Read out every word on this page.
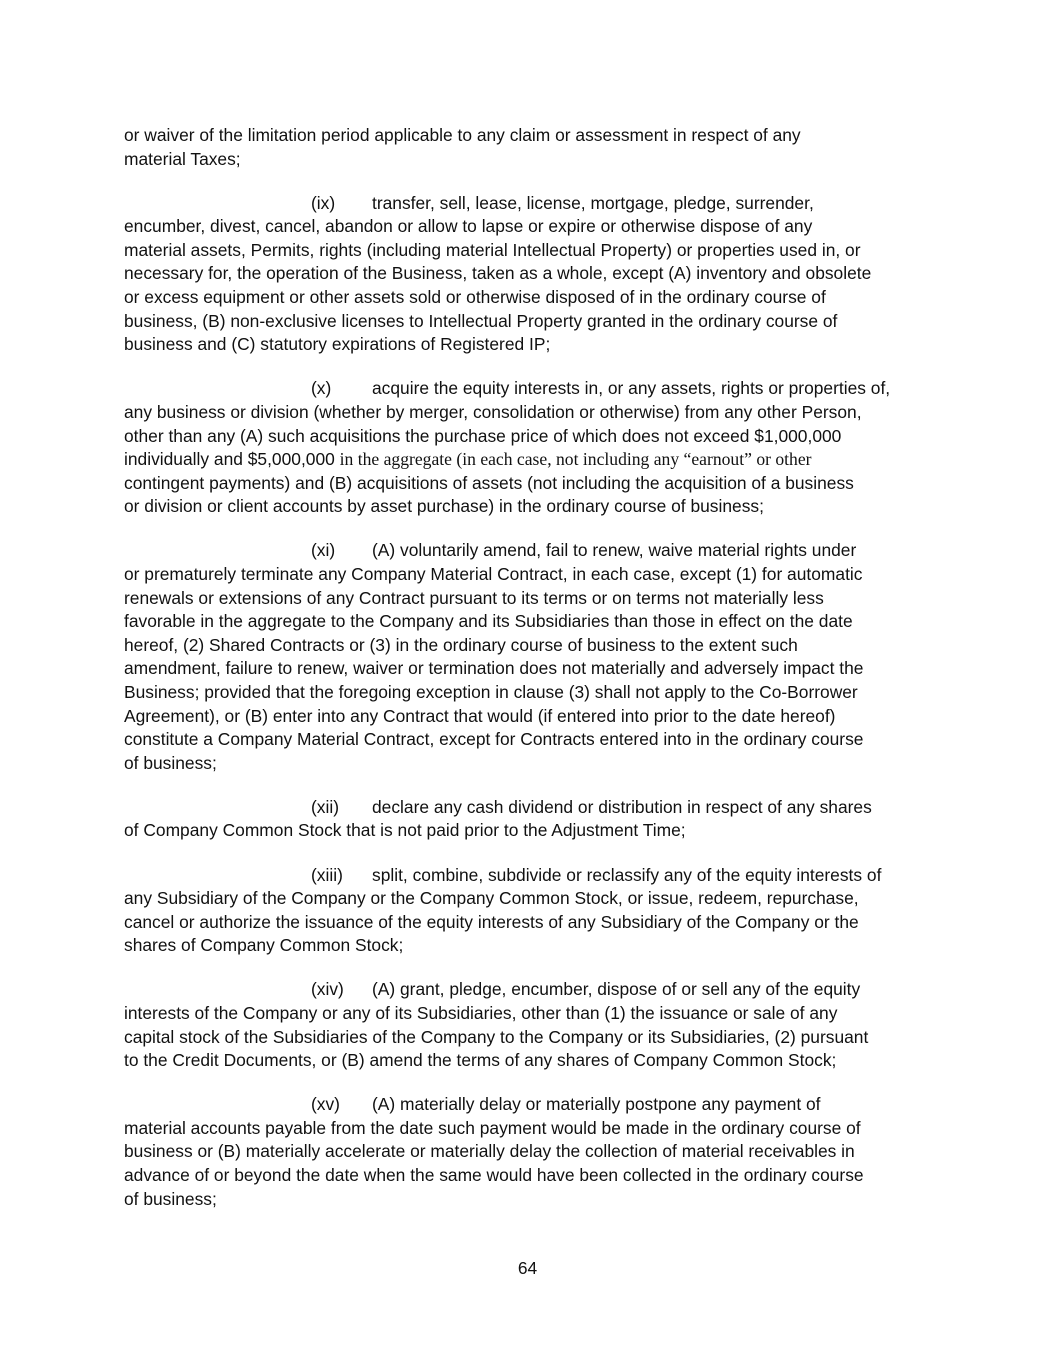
or waiver of the limitation period applicable to any claim or assessment in respect of any
material Taxes;

(ix) transfer, sell, lease, license, mortgage, pledge, surrender,
encumber, divest, cancel, abandon or allow to lapse or expire or otherwise dispose of any
material assets, Permits, rights (including material Intellectual Property) or properties used in, or
necessary for, the operation of the Business, taken as a whole, except (A) inventory and obsolete
or excess equipment or other assets sold or otherwise disposed of in the ordinary course of
business, (B) non-exclusive licenses to Intellectual Property granted in the ordinary course of
business and (C) statutory expirations of Registered IP;

(x) acquire the equity interests in, or any assets, rights or properties of,
any business or division (whether by merger, consolidation or otherwise) from any other Person,
other than any (A) such acquisitions the purchase price of which does not exceed $1,000,000
individually and $5,000,000 in the aggregate (in each case, not including any “earnout” or other
contingent payments) and (B) acquisitions of assets (not including the acquisition of a business
or division or client accounts by asset purchase) in the ordinary course of business;

(xi) (A) voluntarily amend, fail to renew, waive material rights under
or prematurely terminate any Company Material Contract, in each case, except (1) for automatic
renewals or extensions of any Contract pursuant to its terms or on terms not materially less
favorable in the aggregate to the Company and its Subsidiaries than those in effect on the date
hereof, (2) Shared Contracts or (3) in the ordinary course of business to the extent such
amendment, failure to renew, waiver or termination does not materially and adversely impact the
Business; provided that the foregoing exception in clause (3) shall not apply to the Co-Borrower
Agreement), or (B) enter into any Contract that would (if entered into prior to the date hereof)
constitute a Company Material Contract, except for Contracts entered into in the ordinary course
of business;

(xii) declare any cash dividend or distribution in respect of any shares
of Company Common Stock that is not paid prior to the Adjustment Time;

(xiii) split, combine, subdivide or reclassify any of the equity interests of
any Subsidiary of the Company or the Company Common Stock, or issue, redeem, repurchase,
cancel or authorize the issuance of the equity interests of any Subsidiary of the Company or the
shares of Company Common Stock;

(xiv) (A) grant, pledge, encumber, dispose of or sell any of the equity
interests of the Company or any of its Subsidiaries, other than (1) the issuance or sale of any
capital stock of the Subsidiaries of the Company to the Company or its Subsidiaries, (2) pursuant
to the Credit Documents, or (B) amend the terms of any shares of Company Common Stock;

(xv) (A) materially delay or materially postpone any payment of
material accounts payable from the date such payment would be made in the ordinary course of
business or (B) materially accelerate or materially delay the collection of material receivables in
advance of or beyond the date when the same would have been collected in the ordinary course
of business;

64
